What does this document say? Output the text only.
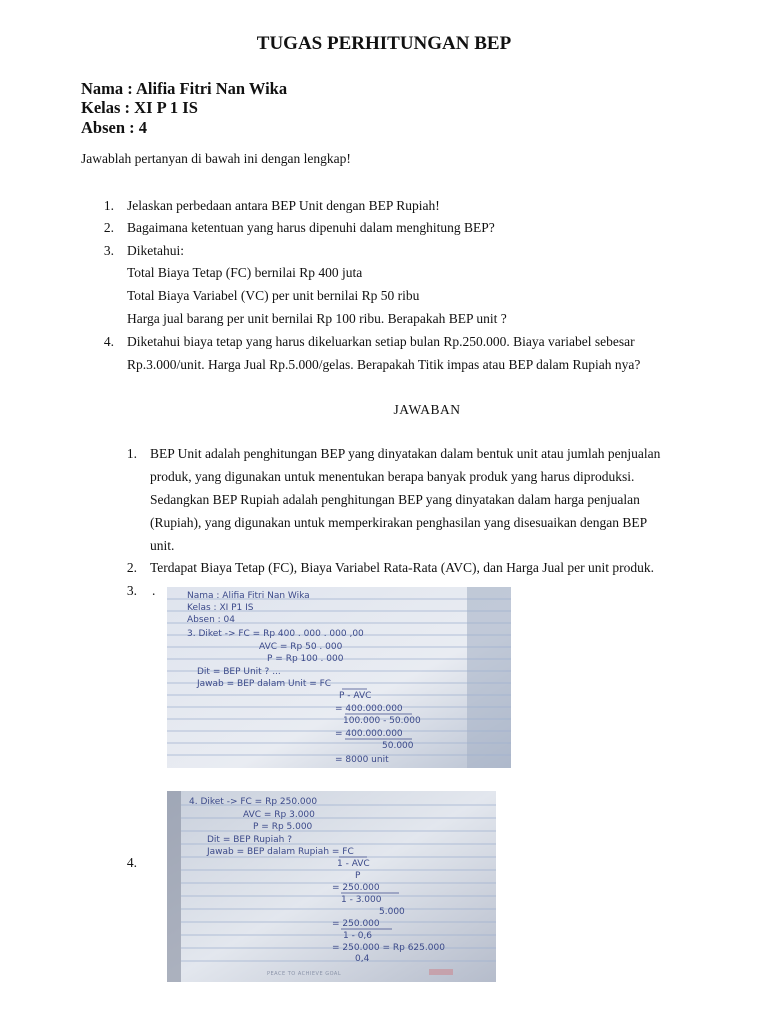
TUGAS PERHITUNGAN BEP
Nama : Alifia Fitri Nan Wika
Kelas : XI P 1 IS
Absen : 4
Jawablah pertanyan di bawah ini dengan lengkap!
1. Jelaskan perbedaan antara BEP Unit dengan BEP Rupiah!
2. Bagaimana ketentuan yang harus dipenuhi dalam menghitung BEP?
3. Diketahui:
Total Biaya Tetap (FC) bernilai Rp 400 juta
Total Biaya Variabel (VC) per unit bernilai Rp 50 ribu
Harga jual barang per unit bernilai Rp 100 ribu. Berapakah BEP unit ?
4. Diketahui biaya tetap yang harus dikeluarkan setiap bulan Rp.250.000. Biaya variabel sebesar
Rp.3.000/unit. Harga Jual Rp.5.000/gelas. Berapakah Titik impas atau BEP dalam Rupiah nya?
JAWABAN
1. BEP Unit adalah penghitungan BEP yang dinyatakan dalam bentuk unit atau jumlah penjualan
produk, yang digunakan untuk menentukan berapa banyak produk yang harus diproduksi.
Sedangkan BEP Rupiah adalah penghitungan BEP yang dinyatakan dalam harga penjualan
(Rupiah), yang digunakan untuk memperkirakan penghasilan yang disesuaikan dengan BEP
unit.
2. Terdapat Biaya Tetap (FC), Biaya Variabel Rata-Rata (AVC), dan Harga Jual per unit produk.
3. .
4.
Nama : Alifia Fitri Nan Wika
Kelas : XI P1 IS
Absen : 04
3. Diket -> FC = Rp 400 . 000 . 000 ,00
AVC = Rp 50 . 000
P = Rp 100 . 000
Dit = BEP Unit ? ...
Jawab = BEP dalam Unit = FC
P - AVC
= 400.000.000
100.000 - 50.000
= 400.000.000
50.000
= 8000 unit
4. Diket -> FC = Rp 250.000
AVC = Rp 3.000
P = Rp 5.000
Dit = BEP Rupiah ?
Jawab = BEP dalam Rupiah = FC
1 - AVC
P
= 250.000
1 - 3.000
5.000
= 250.000
1 - 0,6
= 250.000 = Rp 625.000
0,4
PEACE TO ACHIEVE GOAL
